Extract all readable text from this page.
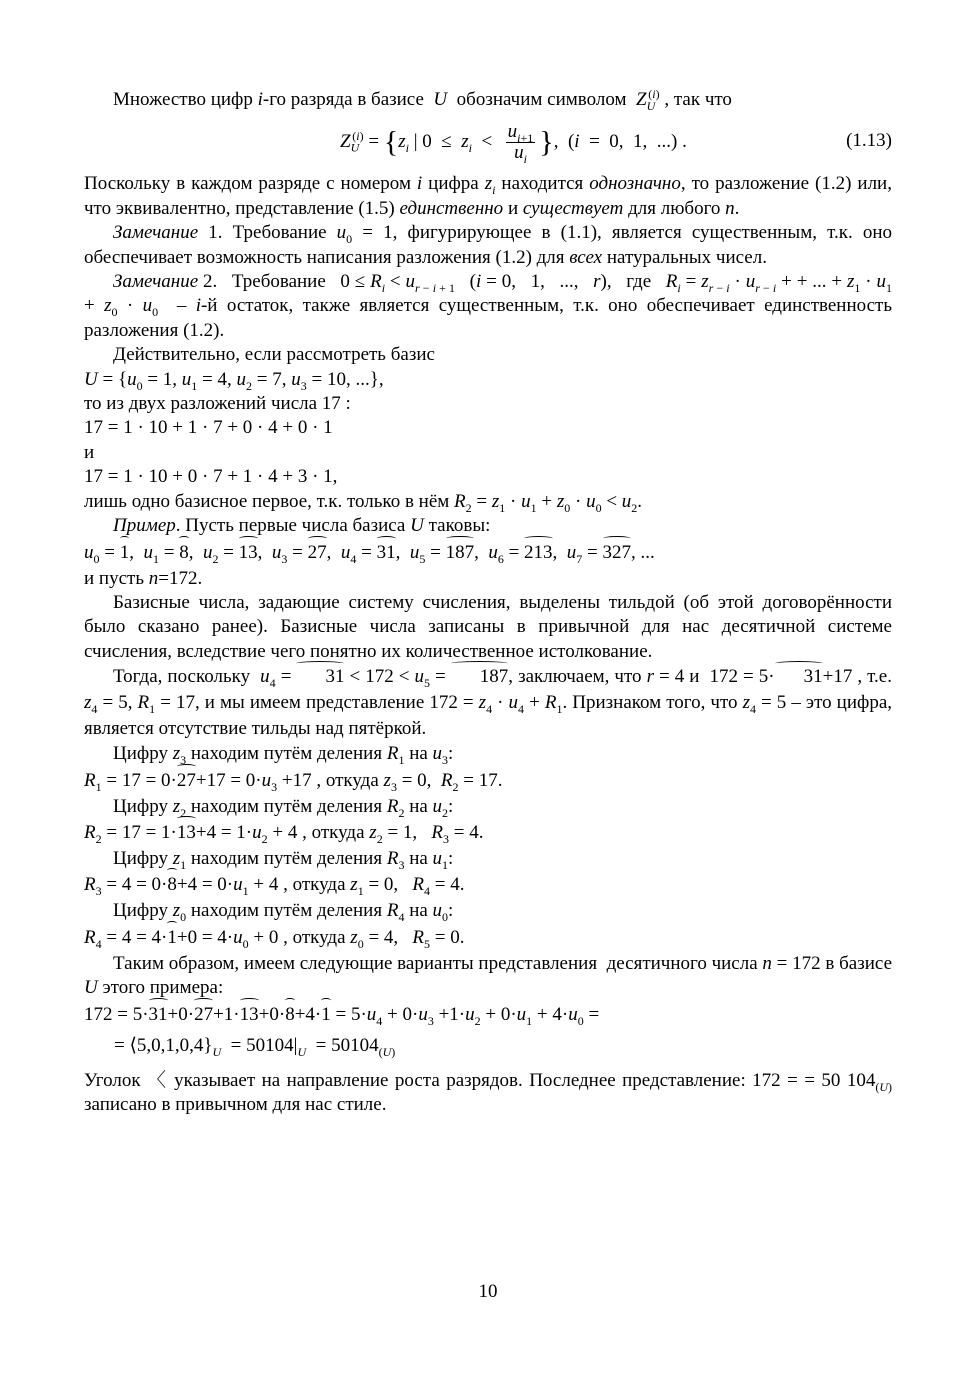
Множество цифр i-го разряда в базисе  U  обозначим символом  $Z_U^{(i)}$ , так что

$Z_U^{(i)} = \{z_i$ | $0 \le z_i < \frac{u_{i+1}}{u_i}$ },  (i  =  0,  1,  ...) .	(1.13)

Поскольку в каждом разряде с номером i цифра $z_i$ находится однозначно, то разложение (1.2) или, что эквивалентно, представление (1.5) единственно и существует для любого n.

Замечание 1. Требование $u_0 = 1$, фигурирующее в (1.1), является существенным, т.к. оно обеспечивает возможность написания разложения (1.2) для всех натуральных чисел.

Замечание 2.   Требование   $0 \le R_i < u_{r - i + 1}$   (i = 0,   1,   ...,   r),   где   $R_i = z_{r - i} \cdot u_{r - i}$ + + ... + $z_1 \cdot u_1 + z_0 \cdot u_0 - i-й$ остаток, также является существенным, т.к. оно обеспечивает единственность разложения (1.2).

Действительно, если рассмотреть базис

$U = \{u_0 = 1$, $u_1 = 4$, $u_2 = 7$, $u_3 = 10$, ...},

то из двух разложений числа 17 :

17 = 1 · 10 + 1 · 7 + 0 · 4 + 0 · 1

и

17 = 1 · 10 + 0 · 7 + 1 · 4 + 3 · 1,

лишь одно базисное первое, т.к. только в нём $R_2 = z_1 \cdot u_1 + z_0 \cdot u_0 < u_2$.

Пример. Пусть первые числа базиса U таковы:

$u_0 = 1$,  $u_1 = 8$,  $u_2 = 13$,  $u_3 = 27$,  $u_4 = 31$,  $u_5 = 187$,  $u_6 = 213$,  $u_7 = 327$, ...

и пусть n=172.

Базисные числа, задающие систему счисления, выделены тильдой (об этой договорённости было сказано ранее). Базисные числа записаны в привычной для нас десятичной системе счисления, вследствие чего понятно их количественное истолкование.

Тогда, поскольку  $u_4 = 31 < 172 < u_5 = 187$, заключаем, что r = 4 и  172 = 5· 31+17 , т.е. $z_4 = 5$, $R_1 = 17$, и мы имеем представление $172 = z_4 \cdot u_4 + R_1$. Признаком того, что $z_4 = 5$ – это цифра, является отсутствие тильды над пятёркой.

Цифру $z_3$ находим путём деления $R_1$ на $u_3$:

$R_1 = 17 = 0\cdot 27+17 = 0\cdot u_3 +17$ , откуда $z_3 = 0$,  $R_2 = 17$.

Цифру $z_2$ находим путём деления $R_2$ на $u_2$:

$R_2 = 17 = 1\cdot 13+4 = 1\cdot u_2 + 4$ , откуда $z_2 = 1$,   $R_3 = 4$.

Цифру $z_1$ находим путём деления $R_3$ на $u_1$:

$R_3 = 4 = 0\cdot 8+4 = 0\cdot u_1 + 4$ , откуда $z_1 = 0$,   $R_4 = 4$.

Цифру $z_0$ находим путём деления $R_4$ на $u_0$:

$R_4 = 4 = 4\cdot 1+0 = 4\cdot u_0 + 0$ , откуда $z_0 = 4$,   $R_5 = 0$.

Таким образом, имеем следующие варианты представления  десятичного числа n = 172 в базисе U этого примера:

$172 = 5\cdot 31+0\cdot 27+1\cdot 13+0\cdot 8+4\cdot 1 = 5\cdot u_4 + 0\cdot u_3 +1\cdot u_2 + 0\cdot u_1 + 4\cdot u_0$ =

= $⟨5,0,1,0,4\}_U = 50104|_U = 50104_{(U)}$

Уголок 〈 указывает на направление роста разрядов. Последнее представление: 172 = = 50 $104_{(U)}$ записано в привычном для нас стиле.

10
